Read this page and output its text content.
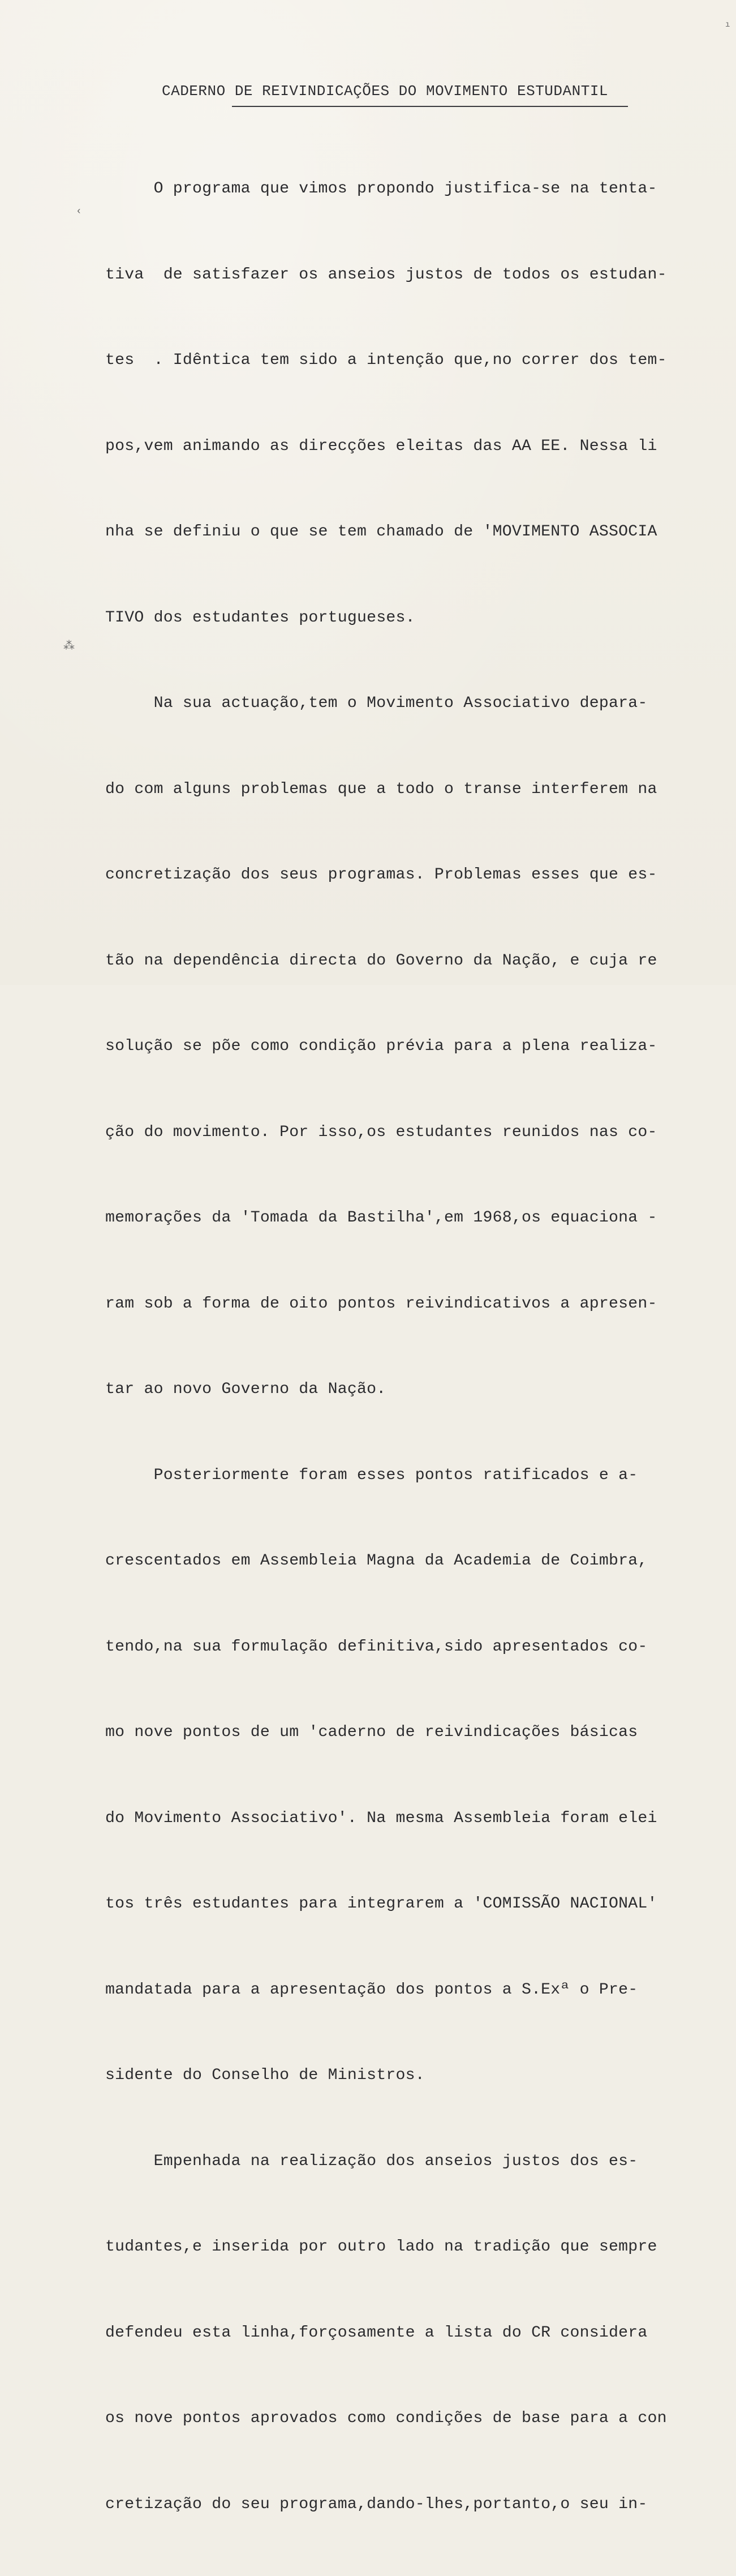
CADERNO DE REIVINDICAÇÕES DO MOVIMENTO ESTUDANTIL
‹
⁂
ı

O programa que vimos propondo justifica-se na tenta-

tiva  de satisfazer os anseios justos de todos os estudan-

tes  . Idêntica tem sido a intenção que,no correr dos tem-

pos,vem animando as direcções eleitas das AA EE. Nessa li

nha se definiu o que se tem chamado de 'MOVIMENTO ASSOCIA

TIVO dos estudantes portugueses.

Na sua actuação,tem o Movimento Associativo depara-

do com alguns problemas que a todo o transe interferem na

concretização dos seus programas. Problemas esses que es-

tão na dependência directa do Governo da Nação, e cuja re

solução se põe como condição prévia para a plena realiza-

ção do movimento. Por isso,os estudantes reunidos nas co-

memorações da 'Tomada da Bastilha',em 1968,os equaciona -

ram sob a forma de oito pontos reivindicativos a apresen-

tar ao novo Governo da Nação.

Posteriormente foram esses pontos ratificados e a-

crescentados em Assembleia Magna da Academia de Coimbra,

tendo,na sua formulação definitiva,sido apresentados co-

mo nove pontos de um 'caderno de reivindicações básicas

do Movimento Associativo'. Na mesma Assembleia foram elei

tos três estudantes para integrarem a 'COMISSÃO NACIONAL'

mandatada para a apresentação dos pontos a S.Exª o Pre-

sidente do Conselho de Ministros.

Empenhada na realização dos anseios justos dos es-

tudantes,e inserida por outro lado na tradição que sempre

defendeu esta linha,forçosamente a lista do CR considera

os nove pontos aprovados como condições de base para a con

cretização do seu programa,dando-lhes,portanto,o seu in-
